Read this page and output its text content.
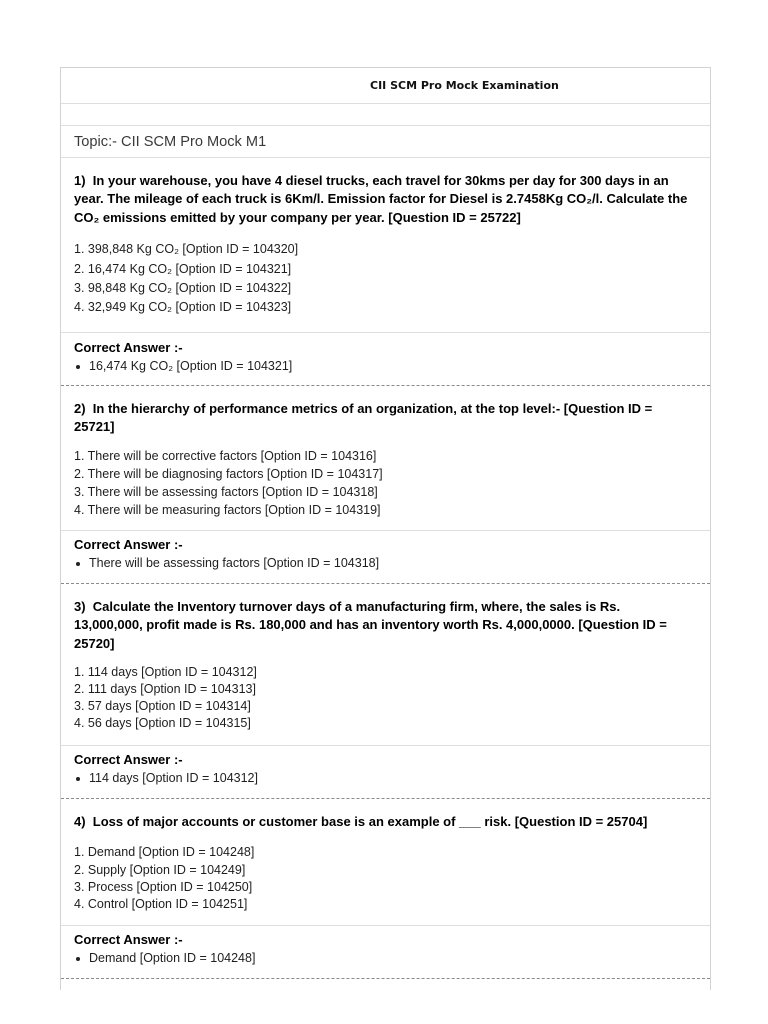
CII SCM Pro Mock Examination
Topic:- CII SCM Pro Mock M1
1)  In your warehouse, you have 4 diesel trucks, each travel for 30kms per day for 300 days in an
year. The mileage of each truck is 6Km/l. Emission factor for Diesel is 2.7458Kg CO₂/l. Calculate the
CO₂ emissions emitted by your company per year. [Question ID = 25722]
1. 398,848 Kg CO₂ [Option ID = 104320]
2. 16,474 Kg CO₂ [Option ID = 104321]
3. 98,848 Kg CO₂ [Option ID = 104322]
4. 32,949 Kg CO₂ [Option ID = 104323]
Correct Answer :-
16,474 Kg CO₂ [Option ID = 104321]
2)  In the hierarchy of performance metrics of an organization, at the top level:- [Question ID =
25721]
1. There will be corrective factors [Option ID = 104316]
2. There will be diagnosing factors [Option ID = 104317]
3. There will be assessing factors [Option ID = 104318]
4. There will be measuring factors [Option ID = 104319]
Correct Answer :-
There will be assessing factors [Option ID = 104318]
3)  Calculate the Inventory turnover days of a manufacturing firm, where, the sales is Rs.
13,000,000, profit made is Rs. 180,000 and has an inventory worth Rs. 4,000,0000. [Question ID =
25720]
1. 114 days [Option ID = 104312]
2. 111 days [Option ID = 104313]
3. 57 days [Option ID = 104314]
4. 56 days [Option ID = 104315]
Correct Answer :-
114 days [Option ID = 104312]
4)  Loss of major accounts or customer base is an example of ___ risk. [Question ID = 25704]
1. Demand [Option ID = 104248]
2. Supply [Option ID = 104249]
3. Process [Option ID = 104250]
4. Control [Option ID = 104251]
Correct Answer :-
Demand [Option ID = 104248]
